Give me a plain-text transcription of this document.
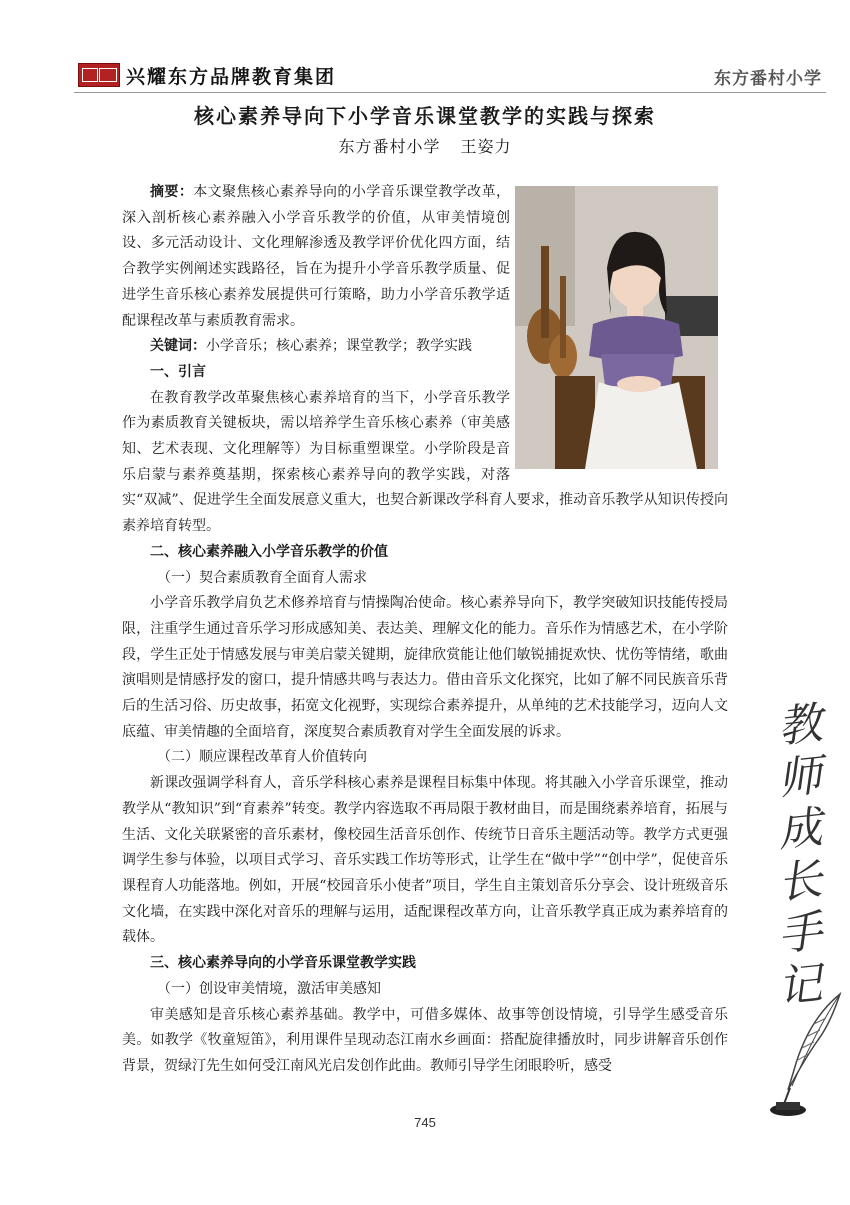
兴耀东方品牌教育集团	东方番村小学
核心素养导向下小学音乐课堂教学的实践与探索
东方番村小学 王姿力

摘要：本文聚焦核心素养导向的小学音乐课堂教学改革，深入剖析核心素养融入小学音乐教学的价值，从审美情境创设、多元活动设计、文化理解渗透及教学评价优化四方面，结合教学实例阐述实践路径，旨在为提升小学音乐教学质量、促进学生音乐核心素养发展提供可行策略，助力小学音乐教学适配课程改革与素质教育需求。

关键词：小学音乐；核心素养；课堂教学；教学实践

一、引言

在教育教学改革聚焦核心素养培育的当下，小学音乐教学作为素质教育关键板块，需以培养学生音乐核心素养（审美感知、艺术表现、文化理解等）为目标重塑课堂。小学阶段是音乐启蒙与素养奠基期，探索核心素养导向的教学实践，对落实“双减”、促进学生全面发展意义重大，也契合新课改学科育人要求，推动音乐教学从知识传授向素养培育转型。

二、核心素养融入小学音乐教学的价值

（一）契合素质教育全面育人需求

小学音乐教学肩负艺术修养培育与情操陶冶使命。核心素养导向下，教学突破知识技能传授局限，注重学生通过音乐学习形成感知美、表达美、理解文化的能力。音乐作为情感艺术，在小学阶段，学生正处于情感发展与审美启蒙关键期，旋律欣赏能让他们敏锐捕捉欢快、忧伤等情绪，歌曲演唱则是情感抒发的窗口，提升情感共鸣与表达力。借由音乐文化探究，比如了解不同民族音乐背后的生活习俗、历史故事，拓宽文化视野，实现综合素养提升，从单纯的艺术技能学习，迈向人文底蕴、审美情趣的全面培育，深度契合素质教育对学生全面发展的诉求。

（二）顺应课程改革育人价值转向

新课改强调学科育人，音乐学科核心素养是课程目标集中体现。将其融入小学音乐课堂，推动教学从“教知识”到“育素养”转变。教学内容选取不再局限于教材曲目，而是围绕素养培育，拓展与生活、文化关联紧密的音乐素材，像校园生活音乐创作、传统节日音乐主题活动等。教学方式更强调学生参与体验，以项目式学习、音乐实践工作坊等形式，让学生在“做中学”“创中学”，促使音乐课程育人功能落地。例如，开展“校园音乐小使者”项目，学生自主策划音乐分享会、设计班级音乐文化墙，在实践中深化对音乐的理解与运用，适配课程改革方向，让音乐教学真正成为素养培育的载体。

三、核心素养导向的小学音乐课堂教学实践

（一）创设审美情境，激活审美感知

审美感知是音乐核心素养基础。教学中，可借多媒体、故事等创设情境，引导学生感受音乐美。如教学《牧童短笛》，利用课件呈现动态江南水乡画面：搭配旋律播放时，同步讲解音乐创作背景，贺绿汀先生如何受江南风光启发创作此曲。教师引导学生闭眼聆听，感受

教
师
成
长
手
记
745
